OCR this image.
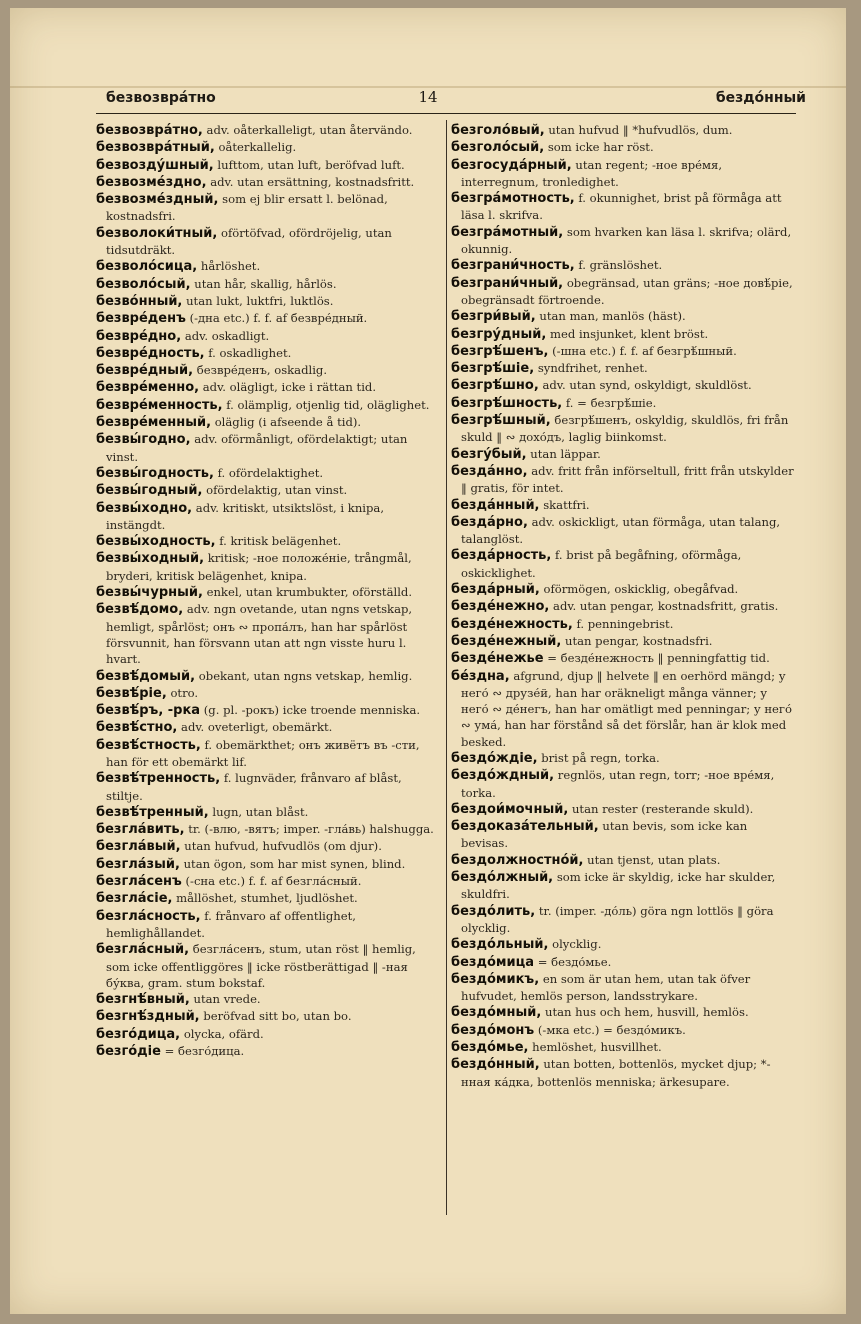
безвозвра́тно	14	бездо́нный

безвозвра́тно, adv. oåterkalleligt, utan återvändo.

безвозвра́тный, oåterkallelig.

безвозду́шный, lufttom, utan luft, beröfvad luft.

безвозме́здно, adv. utan ersättning, kostnadsfritt.

безвозме́здный, som ej blir ersatt l. belönad, kostnadsfri.

безволоки́тный, oförtöfvad, ofördröjelig, utan tidsutdräkt.

безволо́сица, hårlöshet.

безволо́сый, utan hår, skallig, hårlös.

безво́нный, utan lukt, luktfri, luktlös.

безвре́денъ (-дна etc.) f. f. af безвре́дный.

безвре́дно, adv. oskadligt.

безвре́дность, f. oskadlighet.

безвре́дный, безвре́денъ, oskadlig.

безвре́менно, adv. olägligt, icke i rättan tid.

безвре́менность, f. olämplig, otjenlig tid, oläglighet.

безвре́менный, oläglig (i afseende å tid).

безвы́годно, adv. oförmånligt, ofördelaktigt; utan vinst.

безвы́годность, f. ofördelaktighet.

безвы́годный, ofördelaktig, utan vinst.

безвы́ходно, adv. kritiskt, utsiktslöst, i knipa, instängdt.

безвы́ходность, f. kritisk belägenhet.

безвы́ходный, kritisk; -ное положе́ніе, trångmål, bryderi, kritisk belägenhet, knipa.

безвы́чурный, enkel, utan krumbukter, oförställd.

безвѣ́домо, adv. ngn ovetande, utan ngns vetskap, hemligt, spårlöst; онъ ∾ пропа́лъ, han har spårlöst försvunnit, han försvann utan att ngn visste huru l. hvart.

безвѣ́домый, obekant, utan ngns vetskap, hemlig.

безвѣ́ріе, otro.

безвѣ́ръ, -рка (g. pl. -рокъ) icke troende menniska.

безвѣ́стно, adv. oveterligt, obemärkt.

безвѣ́стность, f. obemärkthet; онъ живётъ въ -сти, han för ett obemärkt lif.

безвѣ́тренность, f. lugnväder, frånvaro af blåst, stiltje.

безвѣ́тренный, lugn, utan blåst.

безгла́вить, tr. (-влю, -вятъ; imper. -гла́вь) halshugga.

безгла́вый, utan hufvud, hufvudlös (om djur).

безгла́зый, utan ögon, som har mist synen, blind.

безгла́сенъ (-сна etc.) f. f. af безгла́сный.

безгла́сіе, mållöshet, stumhet, ljudlöshet.

безгла́сность, f. frånvaro af offentlighet, hemlighållandet.

безгла́сный, безгла́сенъ, stum, utan röst ‖ hemlig, som icke offentliggöres ‖ icke röstberättigad ‖ -ная бу́ква, gram. stum bokstaf.

безгнѣ́вный, utan vrede.

безгнѣ́здный, beröfvad sitt bo, utan bo.

безго́дица, olycka, ofärd.

безго́діе = безго́дица.

безголо́вый, utan hufvud ‖ *hufvudlös, dum.

безголо́сый, som icke har röst.

безгосуда́рный, utan regent; -ное вре́мя, interregnum, tronledighet.

безгра́мотность, f. okunnighet, brist på förmåga att läsa l. skrifva.

безгра́мотный, som hvarken kan läsa l. skrifva; olärd, okunnig.

безграни́чность, f. gränslöshet.

безграни́чный, obegränsad, utan gräns; -ное довѣ́ріе, obegränsadt förtroende.

безгри́вый, utan man, manlös (häst).

безгру́дный, med insjunket, klent bröst.

безгрѣ́шенъ, (-шна etc.) f. f. af безгрѣ́шный.

безгрѣ́шіе, syndfrihet, renhet.

безгрѣ́шно, adv. utan synd, oskyldigt, skuldlöst.

безгрѣ́шность, f. = безгрѣ́шіе.

безгрѣ́шный, безгрѣ́шенъ, oskyldig, skuldlös, fri från skuld ‖ ∾ дохо́дъ, laglig biinkomst.

безгу́бый, utan läppar.

безда́нно, adv. fritt från införseltull, fritt från utskylder ‖ gratis, för intet.

безда́нный, skattfri.

безда́рно, adv. oskickligt, utan förmåga, utan talang, talanglöst.

безда́рность, f. brist på begåfning, oförmåga, oskicklighet.

безда́рный, oförmögen, oskicklig, obegåfvad.

безде́нежно, adv. utan pengar, kostnadsfritt, gratis.

безде́нежность, f. penningebrist.

безде́нежный, utan pengar, kostnadsfri.

безде́нежье = безде́нежность ‖ penningfattig tid.

бе́здна, afgrund, djup ‖ helvete ‖ en oerhörd mängd; у него́ ∾ друзе́й, han har oräkneligt många vänner; у него́ ∾ де́негъ, han har omätligt med penningar; у него́ ∾ ума́, han har förstånd så det förslår, han är klok med besked.

бездо́ждіе, brist på regn, torka.

бездо́ждный, regnlös, utan regn, torr; -ное вре́мя, torka.

бездои́мочный, utan rester (resterande skuld).

бездоказа́тельный, utan bevis, som icke kan bevisas.

бездолжностно́й, utan tjenst, utan plats.

бездо́лжный, som icke är skyldig, icke har skulder, skuldfri.

бездо́лить, tr. (imper. -до́ль) göra ngn lottlös ‖ göra olycklig.

бездо́льный, olycklig.

бездо́мица = бездо́мье.

бездо́микъ, en som är utan hem, utan tak öfver hufvudet, hemlös person, landsstrykare.

бездо́мный, utan hus och hem, husvill, hemlös.

бездо́монъ (-мка etc.) = бездо́микъ.

бездо́мье, hemlöshet, husvillhet.

бездо́нный, utan botten, bottenlös, mycket djup; *-нная ка́дка, bottenlös menniska; ärkesupare.
